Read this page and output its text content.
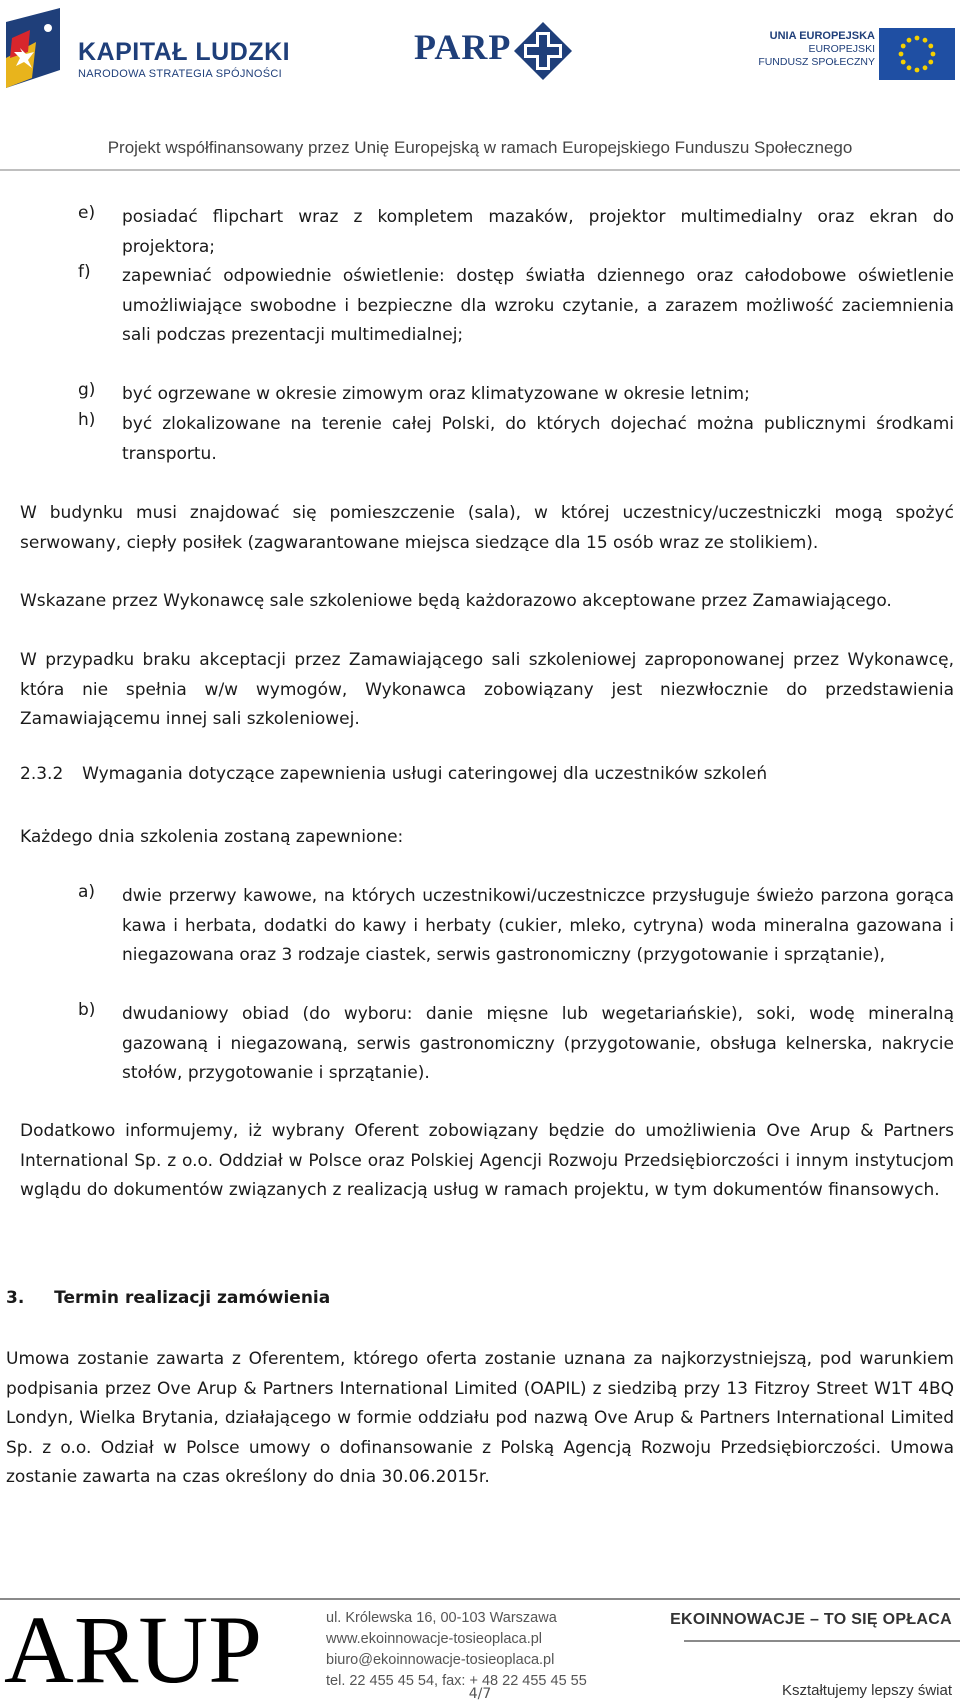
KAPITAŁ LUDZKI
NARODOWA STRATEGIA SPÓJNOŚCI
PARP	UNIA EUROPEJSKA
EUROPEJSKI
FUNDUSZ SPOŁECZNY
Projekt współfinansowany przez Unię Europejską w ramach Europejskiego Funduszu Społecznego
e)	posiadać flipchart wraz z kompletem mazaków, projektor multimedialny oraz ekran do projektora;
f)	zapewniać odpowiednie oświetlenie: dostęp światła dziennego oraz całodobowe oświetlenie umożliwiające swobodne i bezpieczne dla wzroku czytanie, a zarazem możliwość zaciemnienia sali podczas prezentacji multimedialnej;
g)	być ogrzewane w okresie zimowym oraz klimatyzowane w okresie letnim;
h)	być zlokalizowane na terenie całej Polski, do których dojechać można publicznymi środkami transportu.
W budynku musi znajdować się pomieszczenie (sala), w której uczestnicy/uczestniczki mogą spożyć serwowany, ciepły posiłek (zagwarantowane miejsca siedzące dla 15 osób wraz ze stolikiem).
Wskazane przez Wykonawcę sale szkoleniowe będą każdorazowo akceptowane przez Zamawiającego.
W przypadku braku akceptacji przez Zamawiającego sali szkoleniowej zaproponowanej przez Wykonawcę, która nie spełnia w/w wymogów, Wykonawca zobowiązany jest niezwłocznie do przedstawienia Zamawiającemu innej sali szkoleniowej.
2.3.2 Wymagania dotyczące zapewnienia usługi cateringowej dla uczestników szkoleń
Każdego dnia szkolenia zostaną zapewnione:
a)	dwie przerwy kawowe, na których uczestnikowi/uczestniczce przysługuje świeżo parzona gorąca kawa i herbata, dodatki do kawy i herbaty (cukier, mleko, cytryna) woda mineralna gazowana i niegazowana oraz 3 rodzaje ciastek, serwis gastronomiczny (przygotowanie i sprzątanie),
b)	dwudaniowy obiad (do wyboru: danie mięsne lub wegetariańskie), soki, wodę mineralną gazowaną i niegazowaną, serwis gastronomiczny (przygotowanie, obsługa kelnerska, nakrycie stołów, przygotowanie i sprzątanie).
Dodatkowo informujemy, iż wybrany Oferent zobowiązany będzie do umożliwienia Ove Arup & Partners International Sp. z o.o. Oddział w Polsce oraz Polskiej Agencji Rozwoju Przedsiębiorczości i innym instytucjom wglądu do dokumentów związanych z realizacją usług w ramach projektu, w tym dokumentów finansowych.
3. Termin realizacji zamówienia
Umowa zostanie zawarta z Oferentem, którego oferta zostanie uznana za najkorzystniejszą, pod warunkiem podpisania przez Ove Arup & Partners International Limited (OAPIL) z siedzibą przy 13 Fitzroy Street W1T 4BQ Londyn, Wielka Brytania, działającego w formie oddziału pod nazwą Ove Arup & Partners International Limited Sp. z o.o. Odział w Polsce umowy o dofinansowanie z Polską Agencją Rozwoju Przedsiębiorczości. Umowa zostanie zawarta na czas określony do dnia 30.06.2015r.
ARUP	ul. Królewska 16, 00-103 Warszawa
www.ekoinnowacje-tosieoplaca.pl
biuro@ekoinnowacje-tosieoplaca.pl
tel. 22 455 45 54, fax: + 48 22 455 45 55
EKOINNOWACJE – TO SIĘ OPŁACA
Kształtujemy lepszy świat
4/7
